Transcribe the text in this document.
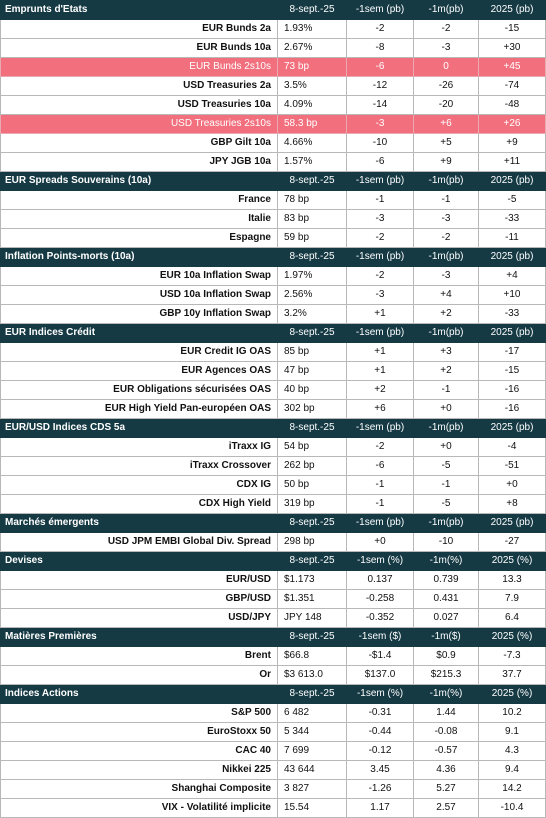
Emprunts d'Etats	8-sept.-25	-1sem (pb)	-1m(pb)	2025 (pb)
EUR Bunds 2a	1.93%	-2	-2	-15
EUR Bunds 10a	2.67%	-8	-3	+30
EUR Bunds 2s10s	73 bp	-6	0	+45
USD Treasuries 2a	3.5%	-12	-26	-74
USD Treasuries 10a	4.09%	-14	-20	-48
USD Treasuries 2s10s	58.3 bp	-3	+6	+26
GBP Gilt 10a	4.66%	-10	+5	+9
JPY JGB 10a	1.57%	-6	+9	+11
EUR Spreads Souverains (10a)	8-sept.-25	-1sem (pb)	-1m(pb)	2025 (pb)
France	78 bp	-1	-1	-5
Italie	83 bp	-3	-3	-33
Espagne	59 bp	-2	-2	-11
Inflation Points-morts (10a)	8-sept.-25	-1sem (pb)	-1m(pb)	2025 (pb)
EUR 10a Inflation Swap	1.97%	-2	-3	+4
USD 10a Inflation Swap	2.56%	-3	+4	+10
GBP 10y Inflation Swap	3.2%	+1	+2	-33
EUR Indices Crédit	8-sept.-25	-1sem (pb)	-1m(pb)	2025 (pb)
EUR Credit IG OAS	85 bp	+1	+3	-17
EUR Agences OAS	47 bp	+1	+2	-15
EUR Obligations sécurisées OAS	40 bp	+2	-1	-16
EUR High Yield Pan-européen OAS	302 bp	+6	+0	-16
EUR/USD Indices CDS 5a	8-sept.-25	-1sem (pb)	-1m(pb)	2025 (pb)
iTraxx IG	54 bp	-2	+0	-4
iTraxx Crossover	262 bp	-6	-5	-51
CDX IG	50 bp	-1	-1	+0
CDX High Yield	319 bp	-1	-5	+8
Marchés émergents	8-sept.-25	-1sem (pb)	-1m(pb)	2025 (pb)
USD JPM EMBI Global Div. Spread	298 bp	+0	-10	-27
Devises	8-sept.-25	-1sem (%)	-1m(%)	2025 (%)
EUR/USD	$1.173	0.137	0.739	13.3
GBP/USD	$1.351	-0.258	0.431	7.9
USD/JPY	JPY 148	-0.352	0.027	6.4
Matières Premières	8-sept.-25	-1sem ($)	-1m($)	2025 (%)
Brent	$66.8	-$1.4	$0.9	-7.3
Or	$3 613.0	$137.0	$215.3	37.7
Indices Actions	8-sept.-25	-1sem (%)	-1m(%)	2025 (%)
S&P 500	6 482	-0.31	1.44	10.2
EuroStoxx 50	5 344	-0.44	-0.08	9.1
CAC 40	7 699	-0.12	-0.57	4.3
Nikkei 225	43 644	3.45	4.36	9.4
Shanghai Composite	3 827	-1.26	5.27	14.2
VIX - Volatilité implicite	15.54	1.17	2.57	-10.4
